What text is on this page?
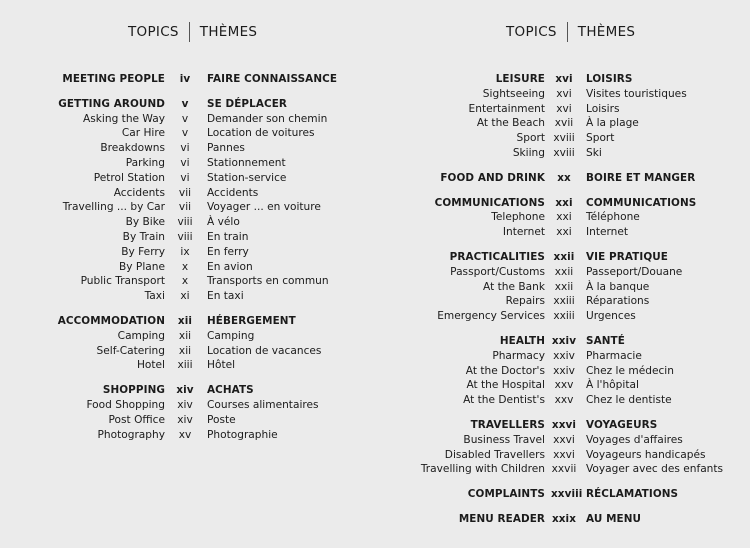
TOPICS THÈMES
MEETING PEOPLE	iv	FAIRE CONNAISSANCE
GETTING AROUND	v	SE DÉPLACER
Asking the Way	v	Demander son chemin
Car Hire	v	Location de voitures
Breakdowns	vi	Pannes
Parking	vi	Stationnement
Petrol Station	vi	Station-service
Accidents	vii	Accidents
Travelling ... by Car	vii	Voyager ... en voiture
By Bike	viii	À vélo
By Train	viii	En train
By Ferry	ix	En ferry
By Plane	x	En avion
Public Transport	x	Transports en commun
Taxi	xi	En taxi
ACCOMMODATION	xii	HÉBERGEMENT
Camping	xii	Camping
Self-Catering	xii	Location de vacances
Hotel	xiii	Hôtel
SHOPPING	xiv	ACHATS
Food Shopping	xiv	Courses alimentaires
Post Office	xiv	Poste
Photography	xv	Photographie
TOPICS THÈMES
LEISURE xvi	LOISIRS
Sightseeing	xvi	Visites touristiques
Entertainment	xvi	Loisirs
At the Beach xvii	À la plage
Sport xviii Sport
Skiing xviii Ski
FOOD AND DRINK	xx	BOIRE ET MANGER
COMMUNICATIONS xxi	COMMUNICATIONS
Telephone	xxi	Téléphone
Internet	xxi	Internet
PRACTICALITIES xxii VIE PRATIQUE
Passport/Customs xxii	Passeport/Douane
At the Bank xxii	À la banque
Repairs xxiii Réparations
Emergency Services xxiii Urgences
HEALTH xxiv SANTÉ
Pharmacy xxiv Pharmacie
At the Doctor's xxiv Chez le médecin
At the Hospital xxv	À l'hôpital
At the Dentist's xxv	Chez le dentiste
TRAVELLERS xxvi VOYAGEURS
Business Travel xxvi Voyages d'affaires
Disabled Travellers xxvi Voyageurs handicapés
Travelling with Children xxvii Voyager avec des enfants
COMPLAINTS xxviii RÉCLAMATIONS
MENU READER xxix AU MENU
